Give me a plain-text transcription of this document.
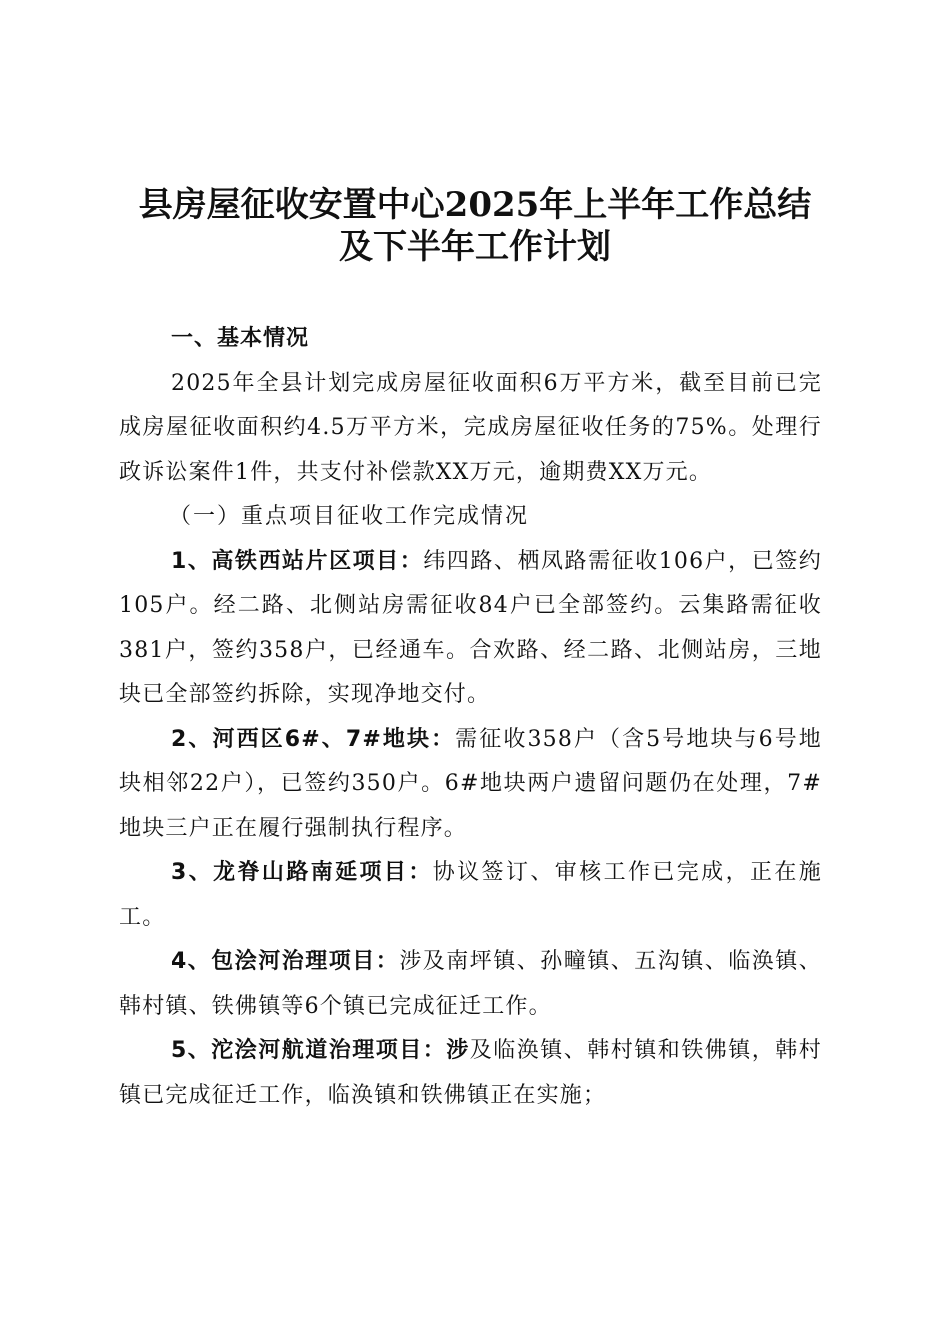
县房屋征收安置中心2025年上半年工作总结
及下半年工作计划

一、基本情况

2025年全县计划完成房屋征收面积6万平方米，截至目前已完成房屋征收面积约4.5万平方米，完成房屋征收任务的75%。处理行政诉讼案件1件，共支付补偿款XX万元，逾期费XX万元。

（一）重点项目征收工作完成情况

1、高铁西站片区项目：纬四路、栖凤路需征收106户，已签约105户。经二路、北侧站房需征收84户已全部签约。云集路需征收381户，签约358户，已经通车。合欢路、经二路、北侧站房，三地块已全部签约拆除，实现净地交付。

2、河西区6#、7#地块：需征收358户（含5号地块与6号地块相邻22户），已签约350户。6#地块两户遗留问题仍在处理，7#地块三户正在履行强制执行程序。

3、龙脊山路南延项目：协议签订、审核工作已完成，正在施工。

4、包浍河治理项目：涉及南坪镇、孙疃镇、五沟镇、临涣镇、韩村镇、铁佛镇等6个镇已完成征迁工作。

5、沱浍河航道治理项目：涉及临涣镇、韩村镇和铁佛镇，韩村镇已完成征迁工作，临涣镇和铁佛镇正在实施；
